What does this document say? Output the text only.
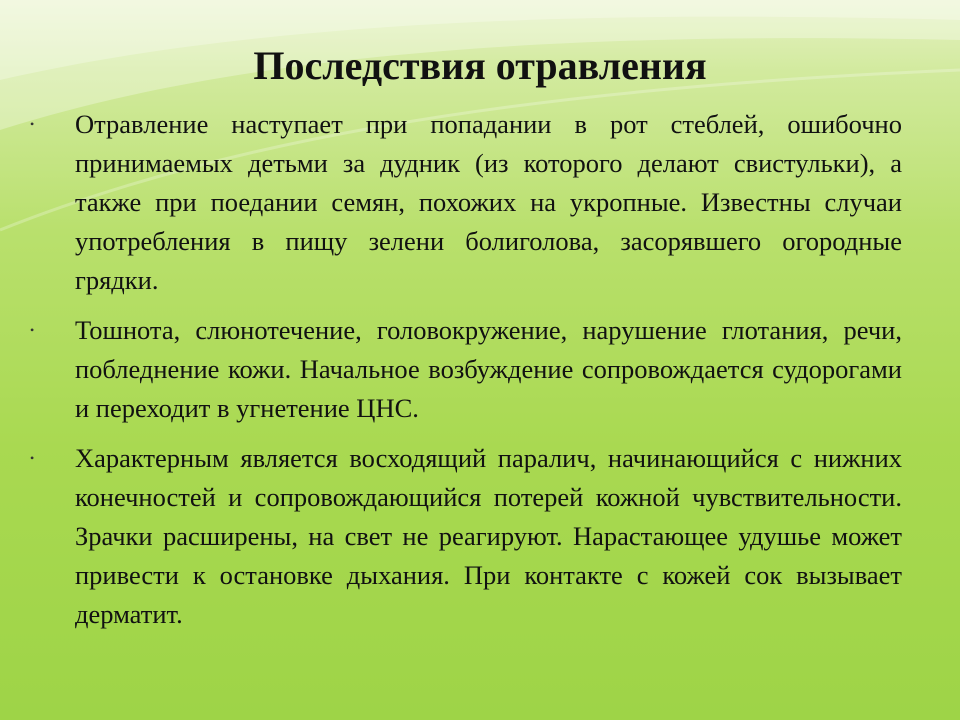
Последствия отравления
•	Отравление наступает при попадании в рот стеблей, ошибочно принимаемых детьми за дудник (из которого делают свистульки), а также при поедании семян, похожих на укропные. Известны случаи употребления в пищу зелени болиголова, засорявшего огородные грядки.
•	Тошнота, слюнотечение, головокружение, нарушение глотания, речи, побледнение кожи. Начальное возбуждение сопровождается судорогами и переходит в угнетение ЦНС.
•	Характерным является восходящий паралич, начинающийся с нижних конечностей и сопровождающийся потерей кожной чувствительности. Зрачки расширены, на свет не реагируют. Нарастающее удушье может привести к остановке дыхания. При контакте с кожей сок вызывает дерматит.
